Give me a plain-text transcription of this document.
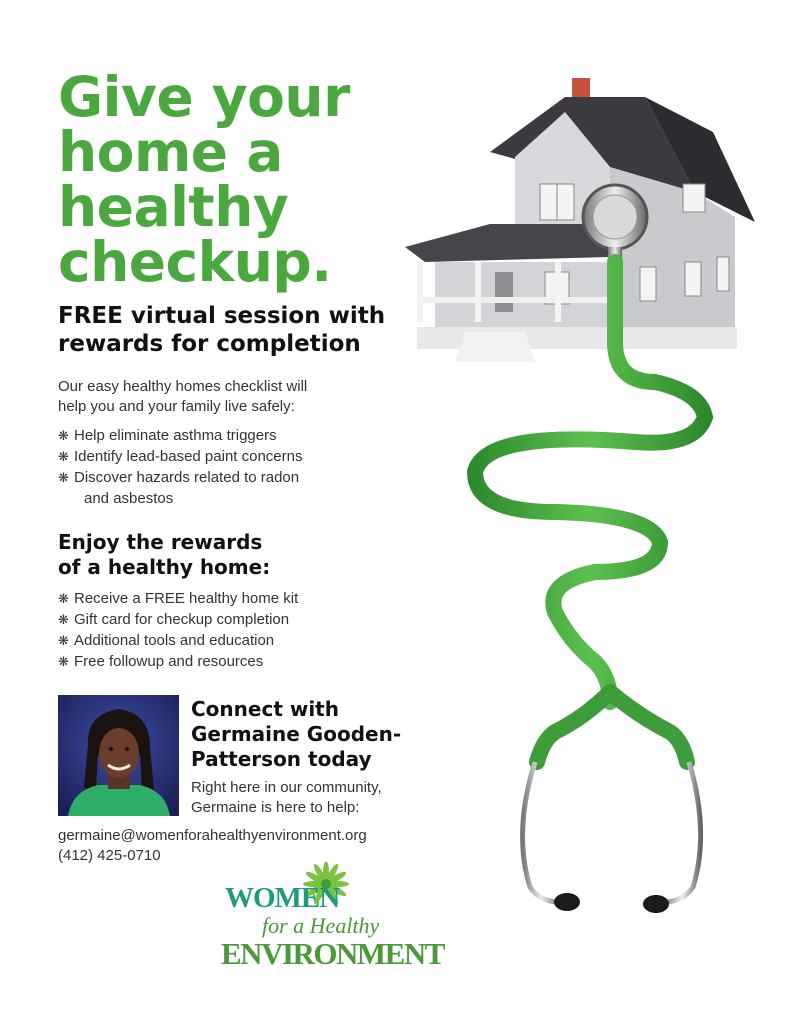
Give your
home a
healthy
checkup.
FREE virtual session with
rewards for completion
Our easy healthy homes checklist will
help you and your family live safely:
❋ Help eliminate asthma triggers
❋ Identify lead-based paint concerns
❋ Discover hazards related to radon
and asbestos
Enjoy the rewards
of a healthy home:
❋ Receive a FREE healthy home kit
❋ Gift card for checkup completion
❋ Additional tools and education
❋ Free followup and resources
Connect with
Germaine Gooden-
Patterson today
Right here in our community,
Germaine is here to help:
germaine@womenforahealthyenvironment.org
(412) 425-0710
WOMEN
for a Healthy
ENVIRONMENT
